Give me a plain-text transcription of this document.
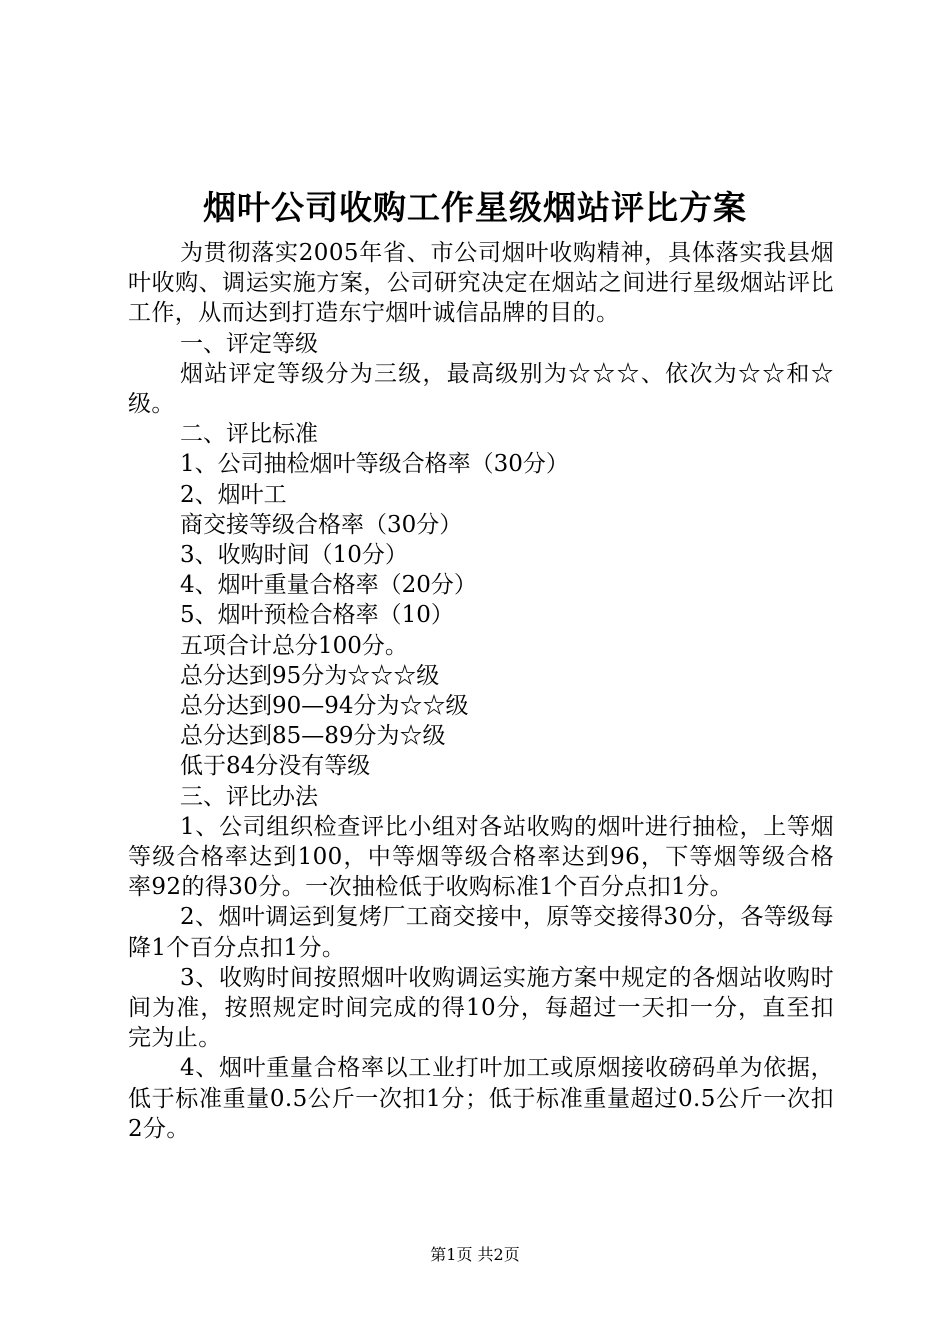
烟叶公司收购工作星级烟站评比方案

为贯彻落实2005年省、市公司烟叶收购精神，具体落实我县烟叶收购、调运实施方案，公司研究决定在烟站之间进行星级烟站评比工作，从而达到打造东宁烟叶诚信品牌的目的。

一、评定等级

烟站评定等级分为三级，最高级别为☆☆☆、依次为☆☆和☆级。

二、评比标准

1、公司抽检烟叶等级合格率（30分）

2、烟叶工

商交接等级合格率（30分）

3、收购时间（10分）

4、烟叶重量合格率（20分）

5、烟叶预检合格率（10）

五项合计总分100分。

总分达到95分为☆☆☆级

总分达到90—94分为☆☆级

总分达到85—89分为☆级

低于84分没有等级

三、评比办法

1、公司组织检查评比小组对各站收购的烟叶进行抽检，上等烟等级合格率达到100，中等烟等级合格率达到96，下等烟等级合格率92的得30分。一次抽检低于收购标准1个百分点扣1分。

2、烟叶调运到复烤厂工商交接中，原等交接得30分，各等级每降1个百分点扣1分。

3、收购时间按照烟叶收购调运实施方案中规定的各烟站收购时间为准，按照规定时间完成的得10分，每超过一天扣一分，直至扣完为止。

4、烟叶重量合格率以工业打叶加工或原烟接收磅码单为依据，低于标准重量0.5公斤一次扣1分；低于标准重量超过0.5公斤一次扣2分。

第1页 共2页
